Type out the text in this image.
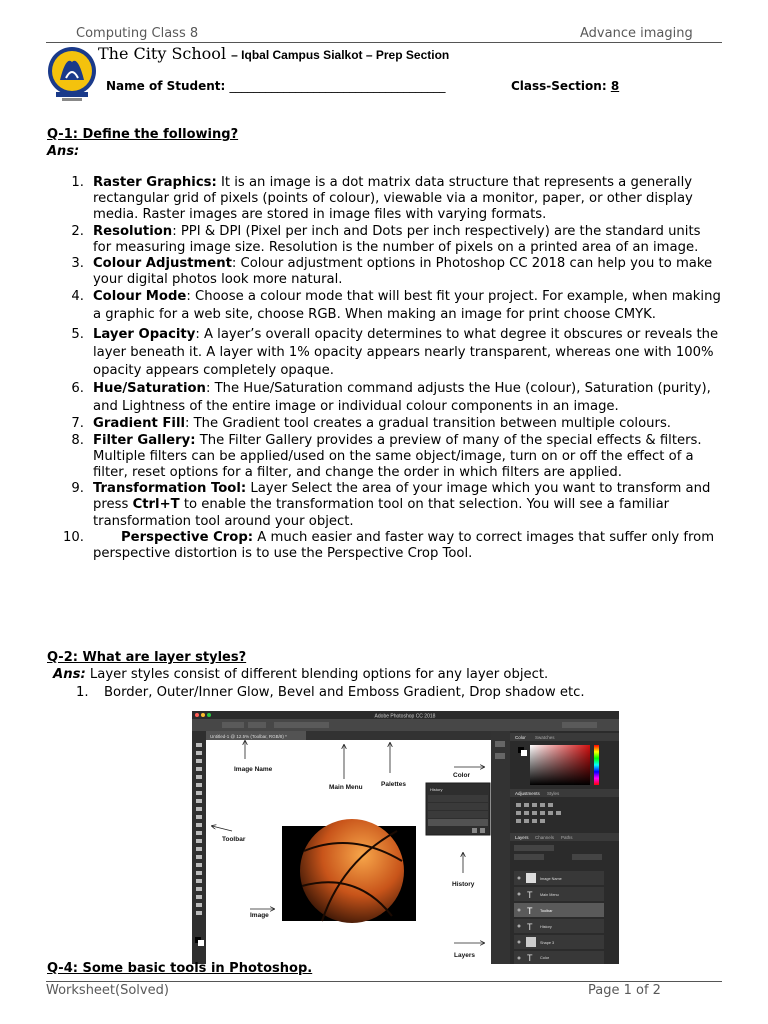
Computing Class 8	Advance imaging
The City School – Iqbal Campus Sialkot – Prep Section
Name of Student: ____________________________________	Class-Section: 8
Q-1: Define the following?
Ans:
1. Raster Graphics: It is an image is a dot matrix data structure that represents a generally rectangular grid of pixels (points of colour), viewable via a monitor, paper, or other display media. Raster images are stored in image files with varying formats.
2. Resolution: PPI & DPI (Pixel per inch and Dots per inch respectively) are the standard units for measuring image size. Resolution is the number of pixels on a printed area of an image.
3. Colour Adjustment: Colour adjustment options in Photoshop CC 2018 can help you to make your digital photos look more natural.
4. Colour Mode: Choose a colour mode that will best fit your project. For example, when making a graphic for a web site, choose RGB. When making an image for print choose CMYK.
5. Layer Opacity: A layer’s overall opacity determines to what degree it obscures or reveals the layer beneath it. A layer with 1% opacity appears nearly transparent, whereas one with 100% opacity appears completely opaque.
6. Hue/Saturation: The Hue/Saturation command adjusts the Hue (colour), Saturation (purity), and Lightness of the entire image or individual colour components in an image.
7. Gradient Fill: The Gradient tool creates a gradual transition between multiple colours.
8. Filter Gallery: The Filter Gallery provides a preview of many of the special effects & filters. Multiple filters can be applied/used on the same object/image, turn on or off the effect of a filter, reset options for a filter, and change the order in which filters are applied.
9. Transformation Tool: Layer Select the area of your image which you want to transform and press Ctrl+T to enable the transformation tool on that selection. You will see a familiar transformation tool around your object.
10.	Perspective Crop: A much easier and faster way to correct images that suffer only from perspective distortion is to use the Perspective Crop Tool.
Q-2: What are layer styles?
Ans: Layer styles consist of different blending options for any layer object.
1. Border, Outer/Inner Glow, Bevel and Emboss Gradient, Drop shadow etc.
Adobe Photoshop CC 2018
Untitled-1 @ 12.5% (Toolbar, RGB/8) *
History
Color Swatches
Adjustments Styles
Layers Channels Paths
Image Name
T Main Menu
T Toolbar
T History
Shape 3
T Color
Image Name
Main Menu	Palettes
Color
Toolbar
History
Image
Layers
Q-4: Some basic tools in Photoshop.
Worksheet(Solved)	Page 1 of 2
